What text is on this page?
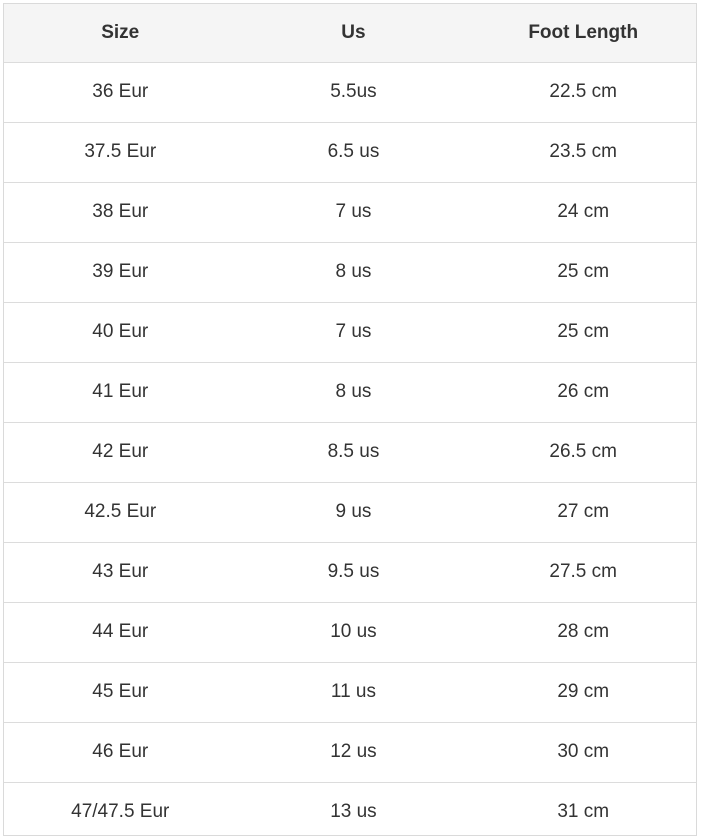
Size	Us	Foot Length
36 Eur	5.5us	22.5 cm
37.5 Eur	6.5 us	23.5 cm
38 Eur	7 us	24 cm
39 Eur	8 us	25 cm
40 Eur	7 us	25 cm
41 Eur	8 us	26 cm
42 Eur	8.5 us	26.5 cm
42.5 Eur	9 us	27 cm
43 Eur	9.5 us	27.5 cm
44 Eur	10 us	28 cm
45 Eur	11 us	29 cm
46 Eur	12 us	30 cm
47/47.5 Eur	13 us	31 cm
